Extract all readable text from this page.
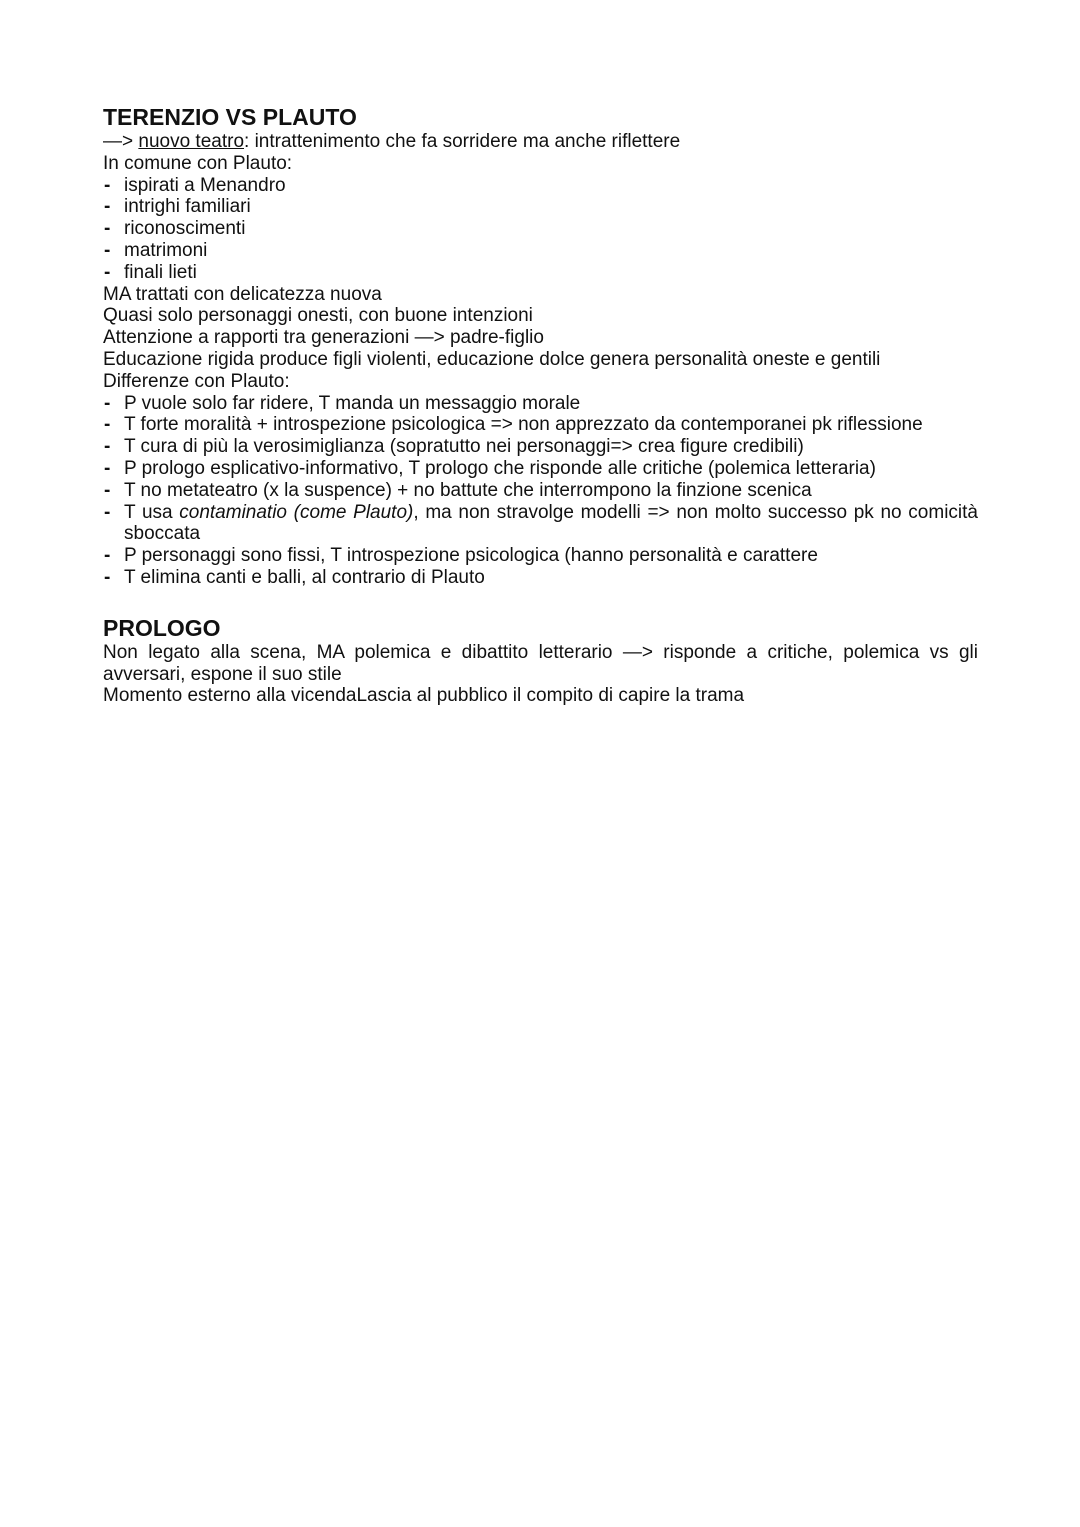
TERENZIO VS PLAUTO

—> nuovo teatro: intrattenimento che fa sorridere ma anche riflettere

In comune con Plauto:

- ispirati a Menandro
- intrighi familiari
- riconoscimenti
- matrimoni
- finali lieti

MA trattati con delicatezza nuova

Quasi solo personaggi onesti, con buone intenzioni

Attenzione a rapporti tra generazioni —> padre-figlio

Educazione rigida produce figli violenti, educazione dolce genera personalità oneste e gentili

Differenze con Plauto:

- P vuole solo far ridere, T manda un messaggio morale
- T forte moralità + introspezione psicologica => non apprezzato da contemporanei pk riflessione
- T cura di più la verosimiglianza (sopratutto nei personaggi=> crea figure credibili)
- P prologo esplicativo-informativo, T prologo che risponde alle critiche (polemica letteraria)
- T no metateatro (x la suspence) + no battute che interrompono la finzione scenica
- T usa contaminatio (come Plauto), ma non stravolge modelli => non molto successo pk no comicità sboccata
- P personaggi sono fissi, T introspezione psicologica (hanno personalità e carattere
- T elimina canti e balli, al contrario di Plauto
PROLOGO

Non legato alla scena, MA polemica e dibattito letterario —> risponde a critiche, polemica vs gli avversari, espone il suo stile

Momento esterno alla vicendaLascia al pubblico il compito di capire la trama
